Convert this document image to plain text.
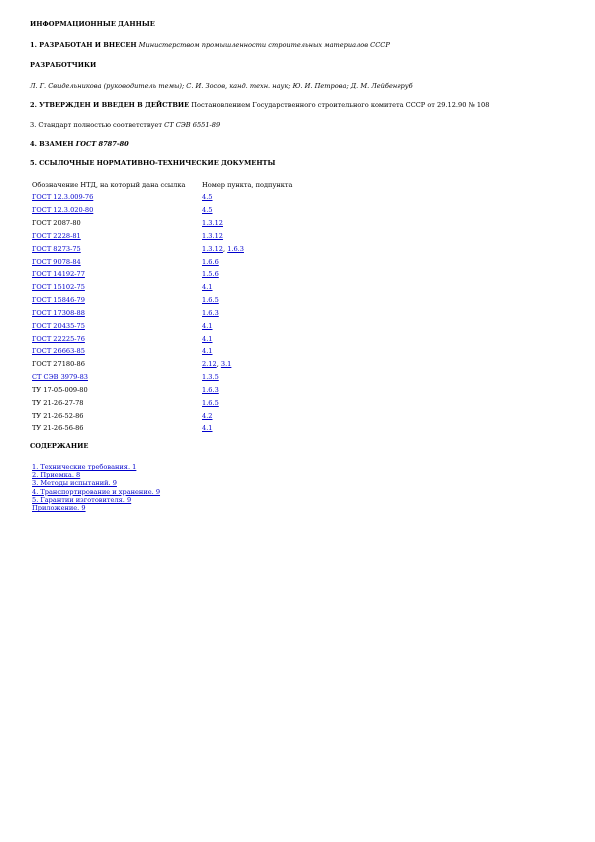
ИНФОРМАЦИОННЫЕ ДАННЫЕ
1. РАЗРАБОТАН И ВНЕСЕН Министерством промышленности строительных материалов СССР
РАЗРАБОТЧИКИ
Л. Г. Свидельникова (руководитель темы); С. И. Зосов, канд. техн. наук; Ю. И. Петрова; Д. М. Лейбенгруб
2. УТВЕРЖДЕН И ВВЕДЕН В ДЕЙСТВИЕ Постановлением Государственного строительного комитета СССР от 29.12.90 № 108
3. Стандарт полностью соответствует СТ СЭВ 6551-89
4. ВЗАМЕН ГОСТ 8787-80
5. ССЫЛОЧНЫЕ НОРМАТИВНО-ТЕХНИЧЕСКИЕ ДОКУМЕНТЫ
Обозначение НТД, на который дана ссылка	Номер пункта, подпункта
ГОСТ 12.3.009-76	4.5
ГОСТ 12.3.020-80	4.5
ГОСТ 2087-80	1.3.12
ГОСТ 2228-81	1.3.12
ГОСТ 8273-75	1.3.12, 1.6.3
ГОСТ 9078-84	1.6.6
ГОСТ 14192-77	1.5.6
ГОСТ 15102-75	4.1
ГОСТ 15846-79	1.6.5
ГОСТ 17308-88	1.6.3
ГОСТ 20435-75	4.1
ГОСТ 22225-76	4.1
ГОСТ 26663-85	4.1
ГОСТ 27180-86	2.12, 3.1
СТ СЭВ 3979-83	1.3.5
ТУ 17-05-009-80	1.6.3
ТУ 21-26-27-78	1.6.5
ТУ 21-26-52-86	4.2
ТУ 21-26-56-86	4.1
СОДЕРЖАНИЕ
1. Технические требования. 1
2. Приемка. 8
3. Методы испытаний. 9
4. Транспортирование и хранение. 9
5. Гарантии изготовителя. 9
Приложение. 9
